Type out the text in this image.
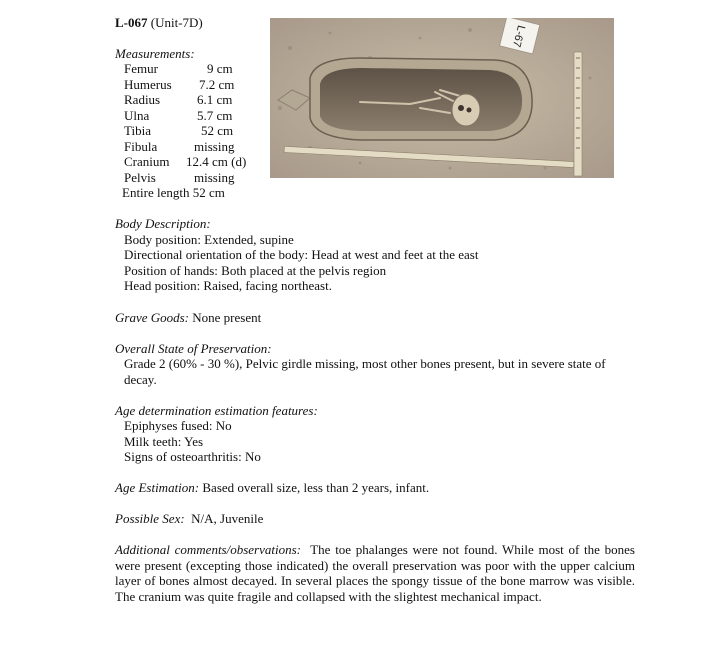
L-067 (Unit-7D)
Measurements:
Femur	9 cm
Humerus 7.2 cm
Radius	6.1 cm
Ulna	5.7 cm
Tibia	52 cm
Fibula	missing
Cranium 12.4 cm (d)
Pelvis	missing
Entire length 52 cm
L-67
Body Description:
Body position: Extended, supine
Directional orientation of the body: Head at west and feet at the east
Position of hands: Both placed at the pelvis region
Head position: Raised, facing northeast.
Grave Goods: None present
Overall State of Preservation:
Grade 2 (60% - 30 %), Pelvic girdle missing, most other bones present, but in severe state of
decay.
Age determination estimation features:
Epiphyses fused: No
Milk teeth: Yes
Signs of osteoarthritis: No
Age Estimation: Based overall size, less than 2 years, infant.
Possible Sex:  N/A, Juvenile
Additional comments/observations:  The toe phalanges were not found. While most of the bones were present (excepting those indicated) the overall preservation was poor with the upper calcium layer of bones almost decayed. In several places the spongy tissue of the bone marrow was visible. The cranium was quite fragile and collapsed with the slightest mechanical impact.
